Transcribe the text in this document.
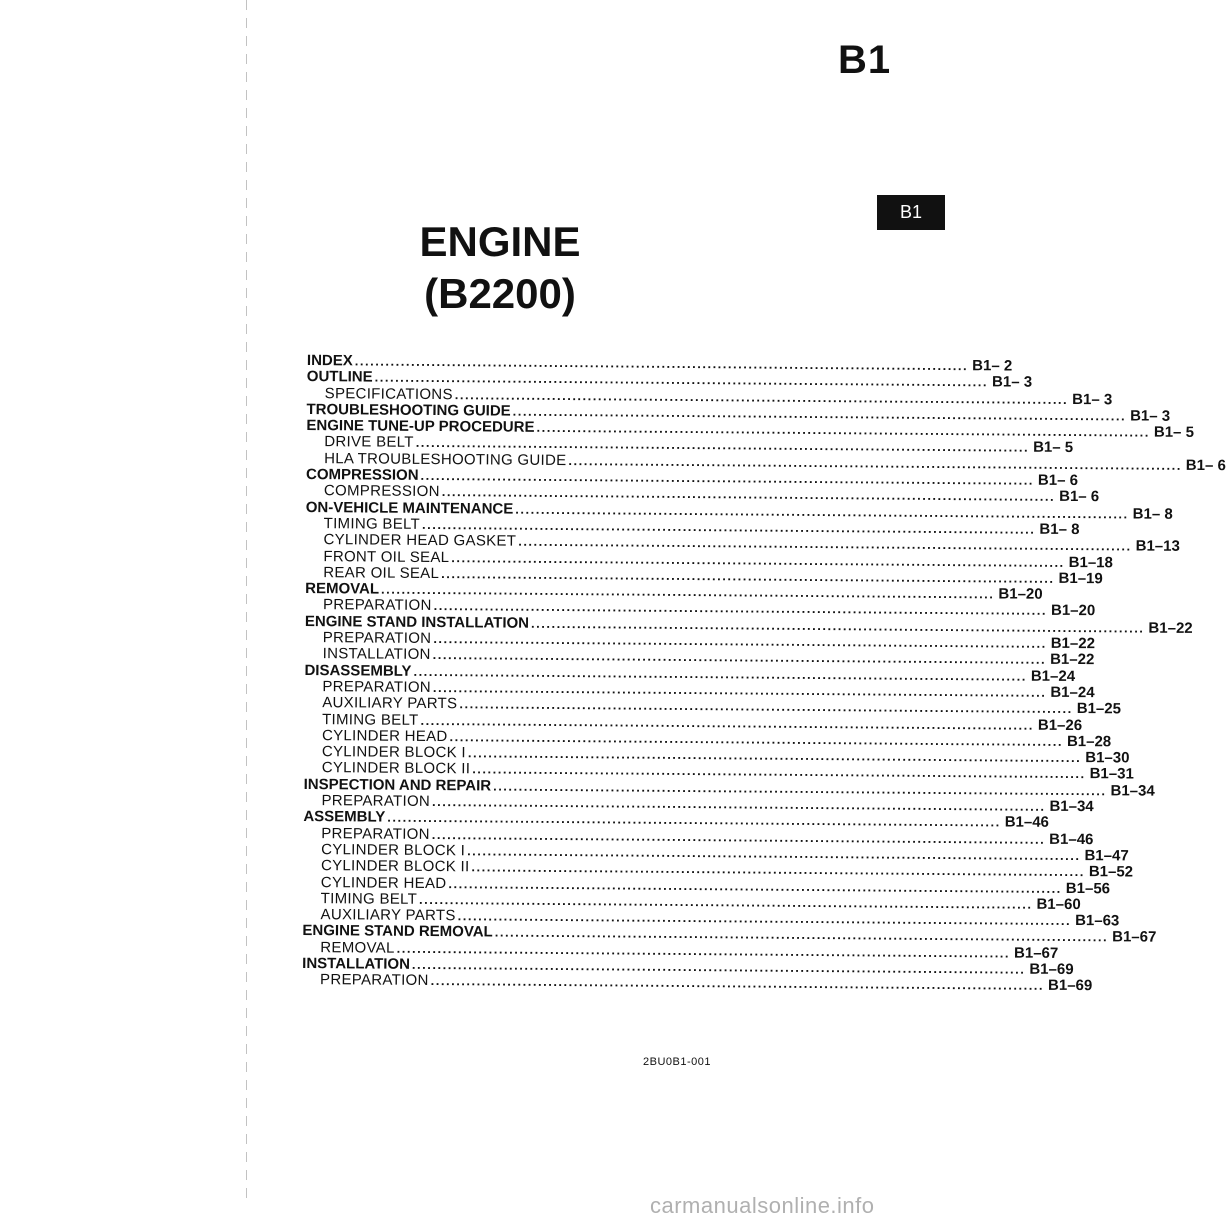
B1
B1
ENGINE
(B2200)
INDEX ........................................................................................................................ B1– 2
OUTLINE ........................................................................................................................ B1– 3
SPECIFICATIONS ........................................................................................................................ B1– 3
TROUBLESHOOTING GUIDE ........................................................................................................................ B1– 3
ENGINE TUNE-UP PROCEDURE ........................................................................................................................ B1– 5
DRIVE BELT ........................................................................................................................ B1– 5
HLA TROUBLESHOOTING GUIDE ........................................................................................................................ B1– 6
COMPRESSION ........................................................................................................................ B1– 6
COMPRESSION ........................................................................................................................ B1– 6
ON-VEHICLE MAINTENANCE ........................................................................................................................ B1– 8
TIMING BELT ........................................................................................................................ B1– 8
CYLINDER HEAD GASKET ........................................................................................................................ B1–13
FRONT OIL SEAL ........................................................................................................................ B1–18
REAR OIL SEAL ........................................................................................................................ B1–19
REMOVAL ........................................................................................................................ B1–20
PREPARATION ........................................................................................................................ B1–20
ENGINE STAND INSTALLATION ........................................................................................................................ B1–22
PREPARATION ........................................................................................................................ B1–22
INSTALLATION ........................................................................................................................ B1–22
DISASSEMBLY ........................................................................................................................ B1–24
PREPARATION ........................................................................................................................ B1–24
AUXILIARY PARTS ........................................................................................................................ B1–25
TIMING BELT ........................................................................................................................ B1–26
CYLINDER HEAD ........................................................................................................................ B1–28
CYLINDER BLOCK I ........................................................................................................................ B1–30
CYLINDER BLOCK II ........................................................................................................................ B1–31
INSPECTION AND REPAIR ........................................................................................................................ B1–34
PREPARATION ........................................................................................................................ B1–34
ASSEMBLY ........................................................................................................................ B1–46
PREPARATION ........................................................................................................................ B1–46
CYLINDER BLOCK I ........................................................................................................................ B1–47
CYLINDER BLOCK II ........................................................................................................................ B1–52
CYLINDER HEAD ........................................................................................................................ B1–56
TIMING BELT ........................................................................................................................ B1–60
AUXILIARY PARTS ........................................................................................................................ B1–63
ENGINE STAND REMOVAL ........................................................................................................................ B1–67
REMOVAL ........................................................................................................................ B1–67
INSTALLATION ........................................................................................................................ B1–69
PREPARATION ........................................................................................................................ B1–69
2BU0B1-001
carmanualsonline.info
